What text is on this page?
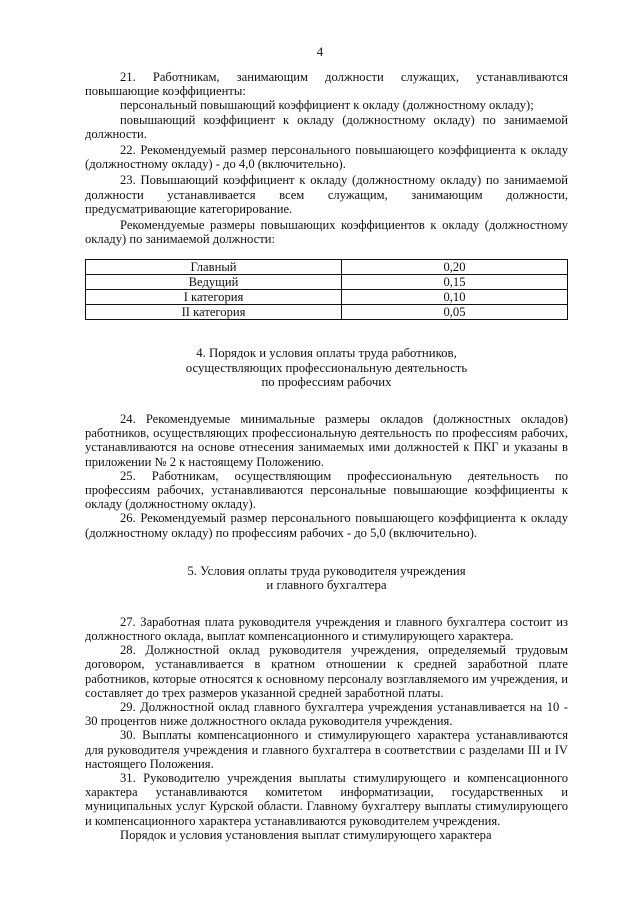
4

21. Работникам, занимающим должности служащих, устанавливаются повышающие коэффициенты:

персональный повышающий коэффициент к окладу (должностному окладу);

повышающий коэффициент к окладу (должностному окладу) по занимаемой должности.

22. Рекомендуемый размер персонального повышающего коэффициента к окладу (должностному окладу) - до 4,0 (включительно).

23. Повышающий коэффициент к окладу (должностному окладу) по занимаемой должности устанавливается всем служащим, занимающим должности, предусматривающие категорирование.

Рекомендуемые размеры повышающих коэффициентов к окладу (должностному окладу) по занимаемой должности:

Главный	0,20
Ведущий	0,15
I категория	0,10
II категория	0,05
4. Порядок и условия оплаты труда работников,
осуществляющих профессиональную деятельность
по профессиям рабочих

24. Рекомендуемые минимальные размеры окладов (должностных окладов) работников, осуществляющих профессиональную деятельность по профессиям рабочих, устанавливаются на основе отнесения занимаемых ими должностей к ПКГ и указаны в приложении № 2 к настоящему Положению.

25. Работникам, осуществляющим профессиональную деятельность по профессиям рабочих, устанавливаются персональные повышающие коэффициенты к окладу (должностному окладу).

26. Рекомендуемый размер персонального повышающего коэффициента к окладу (должностному окладу) по профессиям рабочих - до 5,0 (включительно).

5. Условия оплаты труда руководителя учреждения
и главного бухгалтера

27. Заработная плата руководителя учреждения и главного бухгалтера состоит из должностного оклада, выплат компенсационного и стимулирующего характера.

28. Должностной оклад руководителя учреждения, определяемый трудовым договором, устанавливается в кратном отношении к средней заработной плате работников, которые относятся к основному персоналу возглавляемого им учреждения, и составляет до трех размеров указанной средней заработной платы.

29. Должностной оклад главного бухгалтера учреждения устанавливается на 10 - 30 процентов ниже должностного оклада руководителя учреждения.

30. Выплаты компенсационного и стимулирующего характера устанавливаются для руководителя учреждения и главного бухгалтера в соответствии с разделами III и IV настоящего Положения.

31. Руководителю учреждения выплаты стимулирующего и компенсационного характера устанавливаются комитетом информатизации, государственных и муниципальных услуг Курской области. Главному бухгалтеру выплаты стимулирующего и компенсационного характера устанавливаются руководителем учреждения.

Порядок и условия установления выплат стимулирующего характера
